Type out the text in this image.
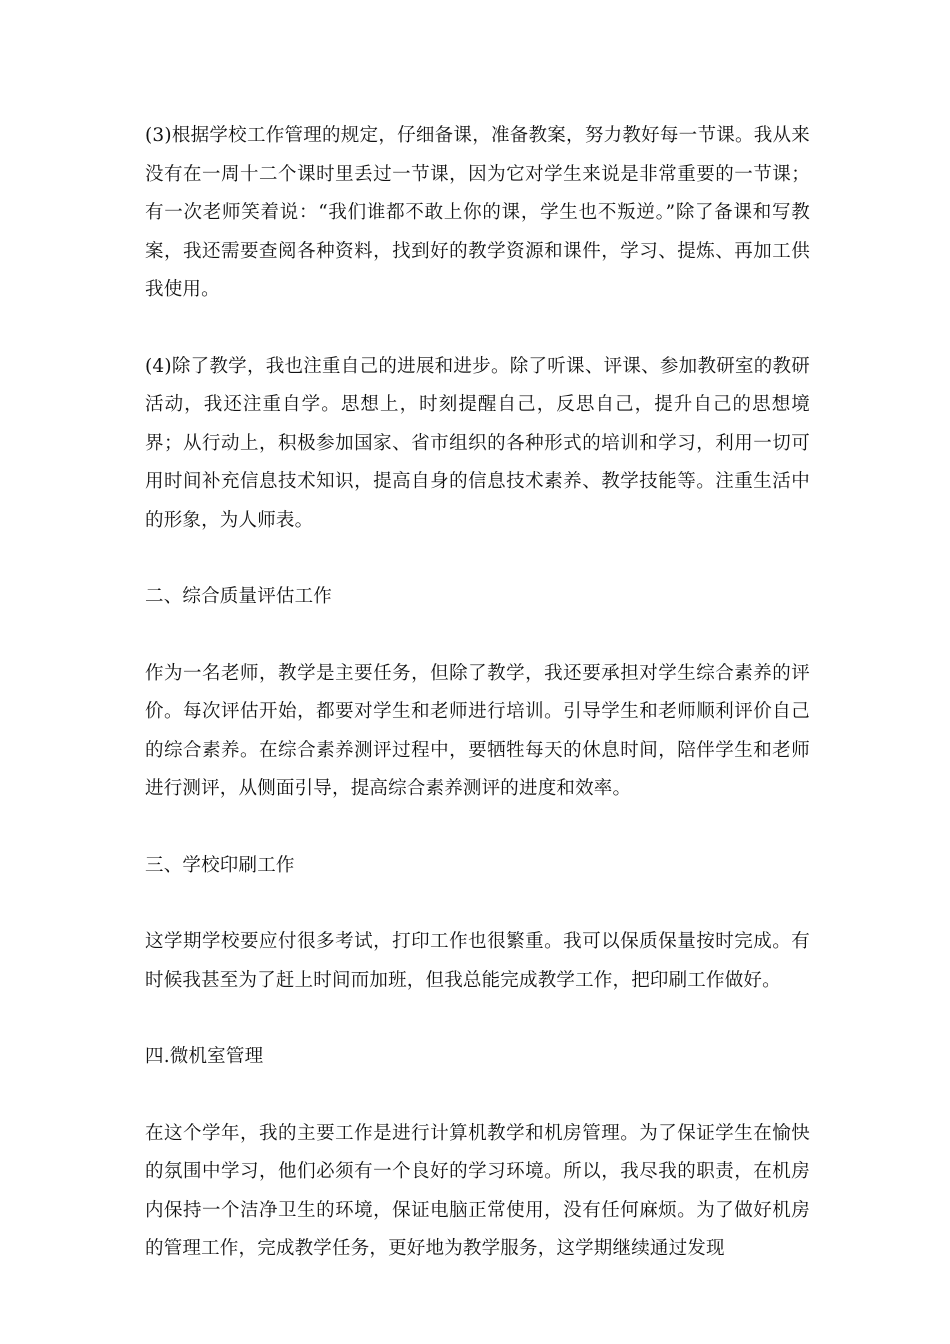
(3)根据学校工作管理的规定，仔细备课，准备教案，努力教好每一节课。我从来没有在一周十二个课时里丢过一节课，因为它对学生来说是非常重要的一节课；有一次老师笑着说：“我们谁都不敢上你的课，学生也不叛逆。”除了备课和写教案，我还需要查阅各种资料，找到好的教学资源和课件，学习、提炼、再加工供我使用。

(4)除了教学，我也注重自己的进展和进步。除了听课、评课、参加教研室的教研活动，我还注重自学。思想上，时刻提醒自己，反思自己，提升自己的思想境界；从行动上，积极参加国家、省市组织的各种形式的培训和学习，利用一切可用时间补充信息技术知识，提高自身的信息技术素养、教学技能等。注重生活中的形象，为人师表。

二、综合质量评估工作

作为一名老师，教学是主要任务，但除了教学，我还要承担对学生综合素养的评价。每次评估开始，都要对学生和老师进行培训。引导学生和老师顺利评价自己的综合素养。在综合素养测评过程中，要牺牲每天的休息时间，陪伴学生和老师进行测评，从侧面引导，提高综合素养测评的进度和效率。

三、学校印刷工作

这学期学校要应付很多考试，打印工作也很繁重。我可以保质保量按时完成。有时候我甚至为了赶上时间而加班，但我总能完成教学工作，把印刷工作做好。

四.微机室管理

在这个学年，我的主要工作是进行计算机教学和机房管理。为了保证学生在愉快的氛围中学习，他们必须有一个良好的学习环境。所以，我尽我的职责，在机房内保持一个洁净卫生的环境，保证电脑正常使用，没有任何麻烦。为了做好机房的管理工作，完成教学任务，更好地为教学服务，这学期继续通过发现
